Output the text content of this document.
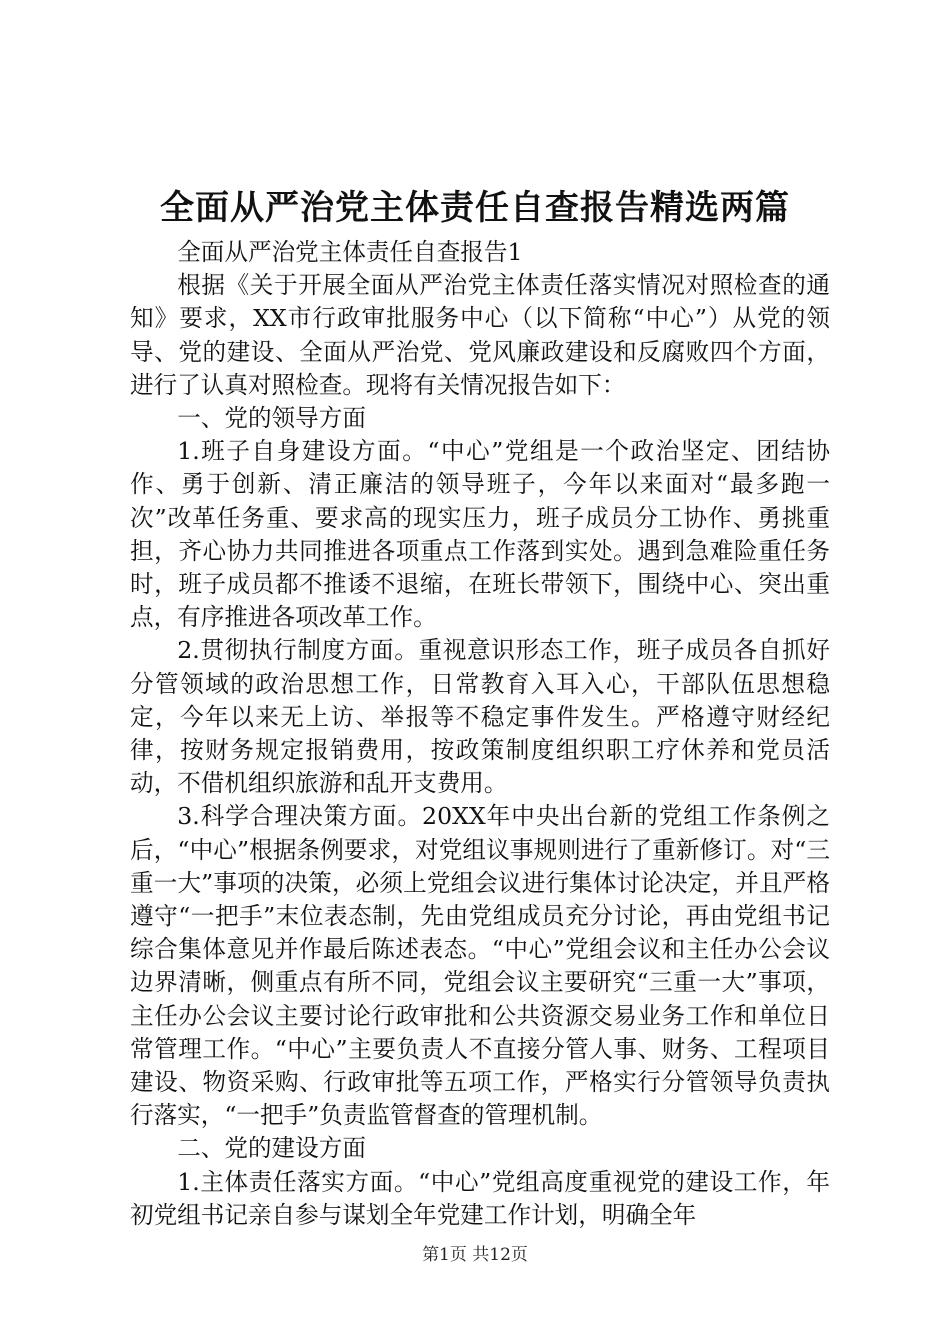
全面从严治党主体责任自查报告精选两篇

全面从严治党主体责任自查报告1

根据《关于开展全面从严治党主体责任落实情况对照检查的通知》要求，XX市行政审批服务中心（以下简称“中心”）从党的领导、党的建设、全面从严治党、党风廉政建设和反腐败四个方面，进行了认真对照检查。现将有关情况报告如下：

一、党的领导方面

1.班子自身建设方面。“中心”党组是一个政治坚定、团结协作、勇于创新、清正廉洁的领导班子，今年以来面对“最多跑一次”改革任务重、要求高的现实压力，班子成员分工协作、勇挑重担，齐心协力共同推进各项重点工作落到实处。遇到急难险重任务时，班子成员都不推诿不退缩，在班长带领下，围绕中心、突出重点，有序推进各项改革工作。

2.贯彻执行制度方面。重视意识形态工作，班子成员各自抓好分管领域的政治思想工作，日常教育入耳入心，干部队伍思想稳定，今年以来无上访、举报等不稳定事件发生。严格遵守财经纪律，按财务规定报销费用，按政策制度组织职工疗休养和党员活动，不借机组织旅游和乱开支费用。

3.科学合理决策方面。20XX年中央出台新的党组工作条例之后，“中心”根据条例要求，对党组议事规则进行了重新修订。对“三重一大”事项的决策，必须上党组会议进行集体讨论决定，并且严格遵守“一把手”末位表态制，先由党组成员充分讨论，再由党组书记综合集体意见并作最后陈述表态。“中心”党组会议和主任办公会议边界清晰，侧重点有所不同，党组会议主要研究“三重一大”事项，主任办公会议主要讨论行政审批和公共资源交易业务工作和单位日常管理工作。“中心”主要负责人不直接分管人事、财务、工程项目建设、物资采购、行政审批等五项工作，严格实行分管领导负责执行落实，“一把手”负责监管督查的管理机制。

二、党的建设方面

1.主体责任落实方面。“中心”党组高度重视党的建设工作，年初党组书记亲自参与谋划全年党建工作计划，明确全年

第1页 共12页
